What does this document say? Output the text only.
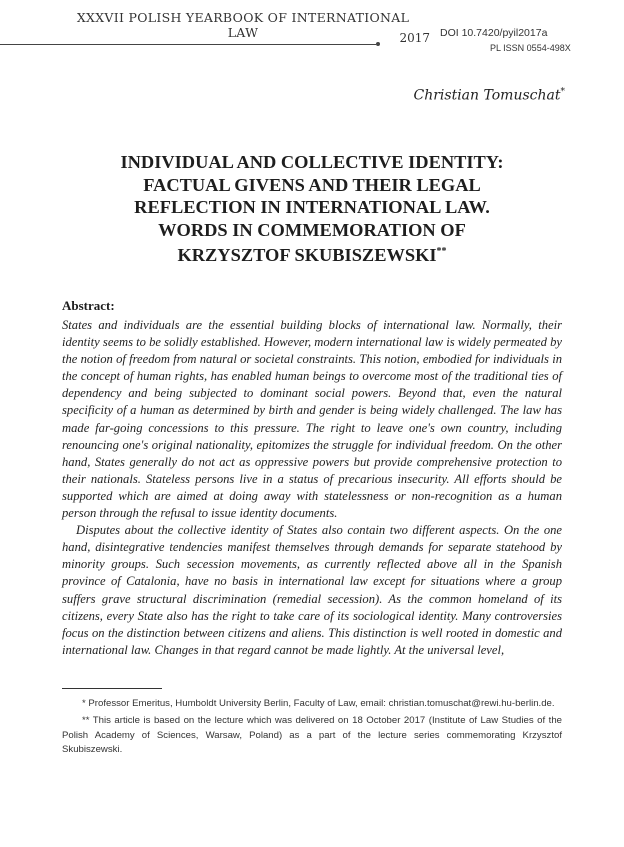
XXXVII POLISH YEARBOOK OF INTERNATIONAL LAW	2017 DOI 10.7420/pyil2017a
PL ISSN 0554-498X
Christian Tomuschat*
INDIVIDUAL AND COLLECTIVE IDENTITY:
FACTUAL GIVENS AND THEIR LEGAL
REFLECTION IN INTERNATIONAL LAW.
WORDS IN COMMEMORATION OF
KRZYSZTOF SKUBISZEWSKI**
Abstract:

States and individuals are the essential building blocks of international law. Normally, their identity seems to be solidly established. However, modern international law is widely permeated by the notion of freedom from natural or societal constraints. This notion, embodied for individuals in the concept of human rights, has enabled human beings to overcome most of the traditional ties of dependency and being subjected to dominant social powers. Beyond that, even the natural specificity of a human as determined by birth and gender is being widely challenged. The law has made far-going concessions to this pressure. The right to leave one's own country, including renouncing one's original nationality, epitomizes the struggle for individual freedom. On the other hand, States generally do not act as oppressive powers but provide comprehensive protection to their nationals. Stateless persons live in a status of precarious insecurity. All efforts should be supported which are aimed at doing away with statelessness or non-recognition as a human person through the refusal to issue identity documents.

Disputes about the collective identity of States also contain two different aspects. On the one hand, disintegrative tendencies manifest themselves through demands for separate statehood by minority groups. Such secession movements, as currently reflected above all in the Spanish province of Catalonia, have no basis in international law except for situations where a group suffers grave structural discrimination (remedial secession). As the common homeland of its citizens, every State also has the right to take care of its sociological identity. Many controversies focus on the distinction between citizens and aliens. This distinction is well rooted in domestic and international law. Changes in that regard cannot be made lightly. At the universal level,

* Professor Emeritus, Humboldt University Berlin, Faculty of Law, email: christian.tomuschat@rewi.hu-berlin.de.

** This article is based on the lecture which was delivered on 18 October 2017 (Institute of Law Studies of the Polish Academy of Sciences, Warsaw, Poland) as a part of the lecture series commemorating Krzysztof Skubiszewski.
